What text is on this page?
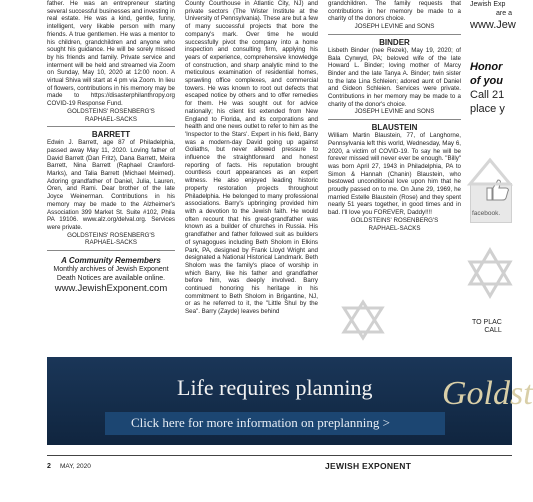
father. He was an entrepreneur starting several successful businesses and investing in real estate. He was a kind, gentle, funny, intelligent, very likable person with many friends. A true gentlemen. He was a mentor to his children, grandchildren and anyone who sought his guidance. He will be sorely missed by his friends and family. Private service and interment will be held and streamed via Zoom on Sunday, May 10, 2020 at 12:00 noon. A virtual Shiva will start at 4 pm via Zoom. In lieu of flowers, contributions in his memory may be made to https://disasterphilanthropy.org COVID-19 Response Fund.

GOLDSTEINS' ROSENBERG'S
RAPHAEL-SACKS
BARRETT

Edwin J. Barrett, age 87 of Philadelphia, passed away May 11, 2020. Loving father of David Barrett (Dan Fritz), Dana Barrett, Meira Barrett, Nina Barrett (Raphael Crawford-Marks), and Talia Barrett (Michael Meimed). Adoring grandfather of Daniel, Julia, Lauren, Oren, and Rami. Dear brother of the late Joyce Weinerman. Contributions in his memory may be made to the Alzheimer's Association 399 Market St. Suite #102, Phila PA 19106. www.alz.org/delval.org. Services were private.

GOLDSTEINS' ROSENBERG'S
RAPHAEL-SACKS
A Community Remembers
Monthly archives of Jewish Exponent
Death Notices are available online.
www.JewishExponent.com

County Courthouse in Atlantic City, NJ) and private sectors (The Wister Institute at the University of Pennsylvania). These are but a few of many successful projects that bore the company's mark. Over time he would successfully pivot the company into a home inspection and consulting firm, applying his years of experience, comprehensive knowledge of construction, and sharp analytic mind to the meticulous examination of residential homes, sprawling office complexes, and commercial towers. He was known to root out defects that escaped notice by others and to offer remedies for them. He was sought out for advice nationally; his client list extended from New England to Florida, and its corporations and health and one news outlet to refer to him as the 'Inspector to the Stars'. Expert in his field, Barry was a modern-day David going up against Goliaths, but never allowed pressure to influence the straightforward and honest reporting of facts. His reputation brought countless court appearances as an expert witness. He also enjoyed leading historic property restoration projects throughout Philadelphia. He belonged to many professional associations. Barry's upbringing provided him with a devotion to the Jewish faith. He would often recount that his great-grandfather was known as a builder of churches in Russia. His grandfather and father followed suit as builders of synagogues including Beth Sholom in Elkins Park, PA, designed by Frank Lloyd Wright and designated a National Historical Landmark. Beth Sholom was the family's place of worship in which Barry, like his father and grandfather before him, was deeply involved. Barry continued honoring his heritage in his commitment to Beth Sholom in Brigantine, NJ, or as he referred to it, the "Little Shul by the Sea". Barry (Zayde) leaves behind

grandchildren. The family requests that contributions in her memory be made to a charity of the donors choice.

JOSEPH LEVINE and SONS
BINDER

Lisbeth Binder (nee Rezek), May 19, 2020; of Bala Cynwyd, PA; beloved wife of the late Howard L. Binder; loving mother of Marcy Binder and the late Tanya A. Binder; twin sister to the late Lina Schleien; adored aunt of Daniel and Gideon Schleien. Services were private. Contributions in her memory may be made to a charity of the donor's choice.

JOSEPH LEVINE and SONS
BLAUSTEIN

William Martin Blaustein, 77, of Langhorne, Pennsylvania left this world, Wednesday, May 6, 2020, a victim of COVID-19. To say he will be forever missed will never ever be enough. "Billy" was born April 27, 1943 in Philadelphia, PA to Simon & Hannah (Chanin) Blaustein, who bestowed unconditional love upon him that he proudly passed on to me. On June 29, 1969, he married Estelle Blaustein (Rose) and they spent nearly 51 years together, in good times and in bad. I'll love you FOREVER, Daddy!!!!

GOLDSTEINS' ROSENBERG'S
RAPHAEL-SACKS
Jewish Exp
are a
www.Jew
Honor
of you
Call 21
place y
facebook.
TO PLAC
CALL
Life requires planning
Click here for more information on preplanning >
Goldst
2 MAY, 2020	JEWISH EXPONENT
